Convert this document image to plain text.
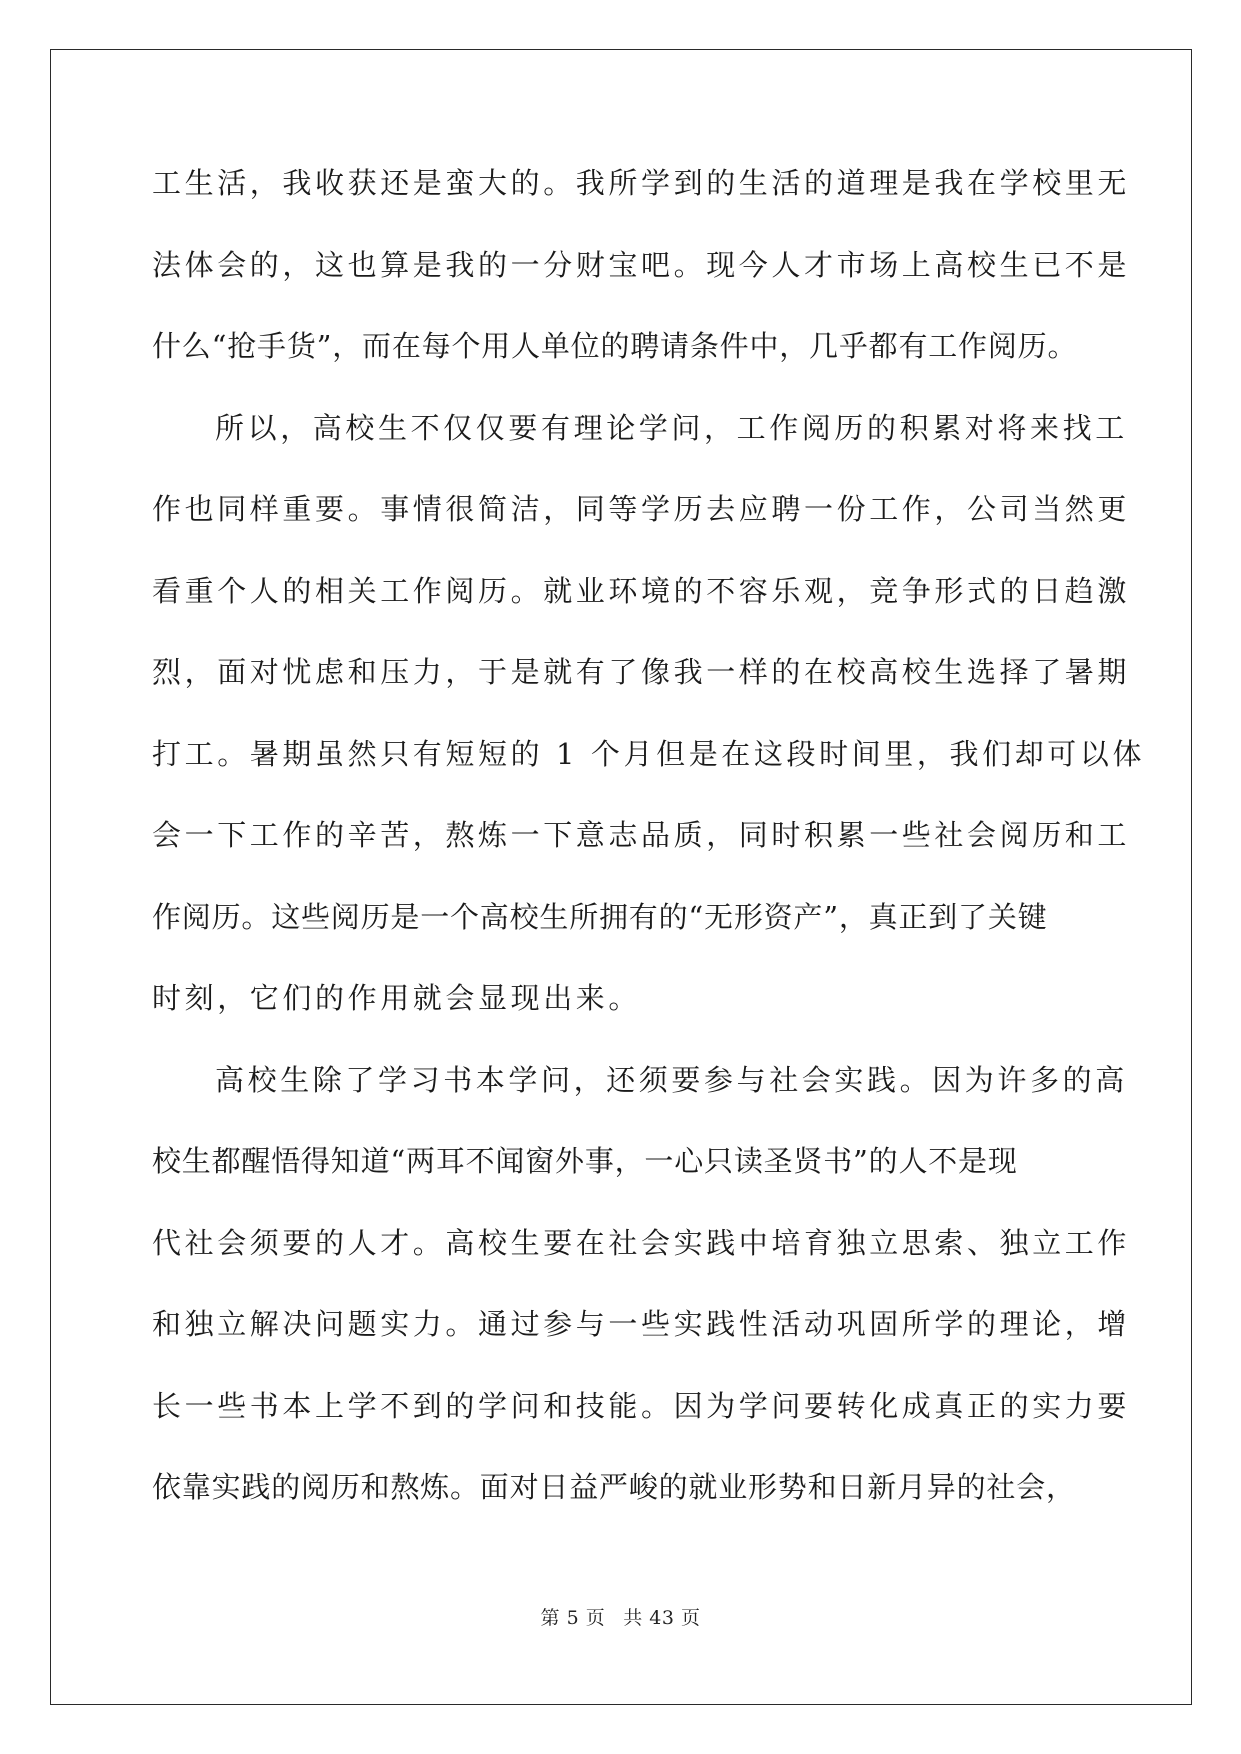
工生活，我收获还是蛮大的。我所学到的生活的道理是我在学校里无
法体会的，这也算是我的一分财宝吧。现今人才市场上高校生已不是
什么“抢手货”，而在每个用人单位的聘请条件中，几乎都有工作阅历。
所以，高校生不仅仅要有理论学问，工作阅历的积累对将来找工
作也同样重要。事情很简洁，同等学历去应聘一份工作，公司当然更
看重个人的相关工作阅历。就业环境的不容乐观，竞争形式的日趋激
烈，面对忧虑和压力，于是就有了像我一样的在校高校生选择了暑期
打工。暑期虽然只有短短的 1 个月但是在这段时间里，我们却可以体
会一下工作的辛苦，熬炼一下意志品质，同时积累一些社会阅历和工
作阅历。这些阅历是一个高校生所拥有的“无形资产”，真正到了关键
时刻，它们的作用就会显现出来。
高校生除了学习书本学问，还须要参与社会实践。因为许多的高
校生都醒悟得知道“两耳不闻窗外事，一心只读圣贤书”的人不是现
代社会须要的人才。高校生要在社会实践中培育独立思索、独立工作
和独立解决问题实力。通过参与一些实践性活动巩固所学的理论，增
长一些书本上学不到的学问和技能。因为学问要转化成真正的实力要
依靠实践的阅历和熬炼。面对日益严峻的就业形势和日新月异的社会，
第 5 页 共 43 页
